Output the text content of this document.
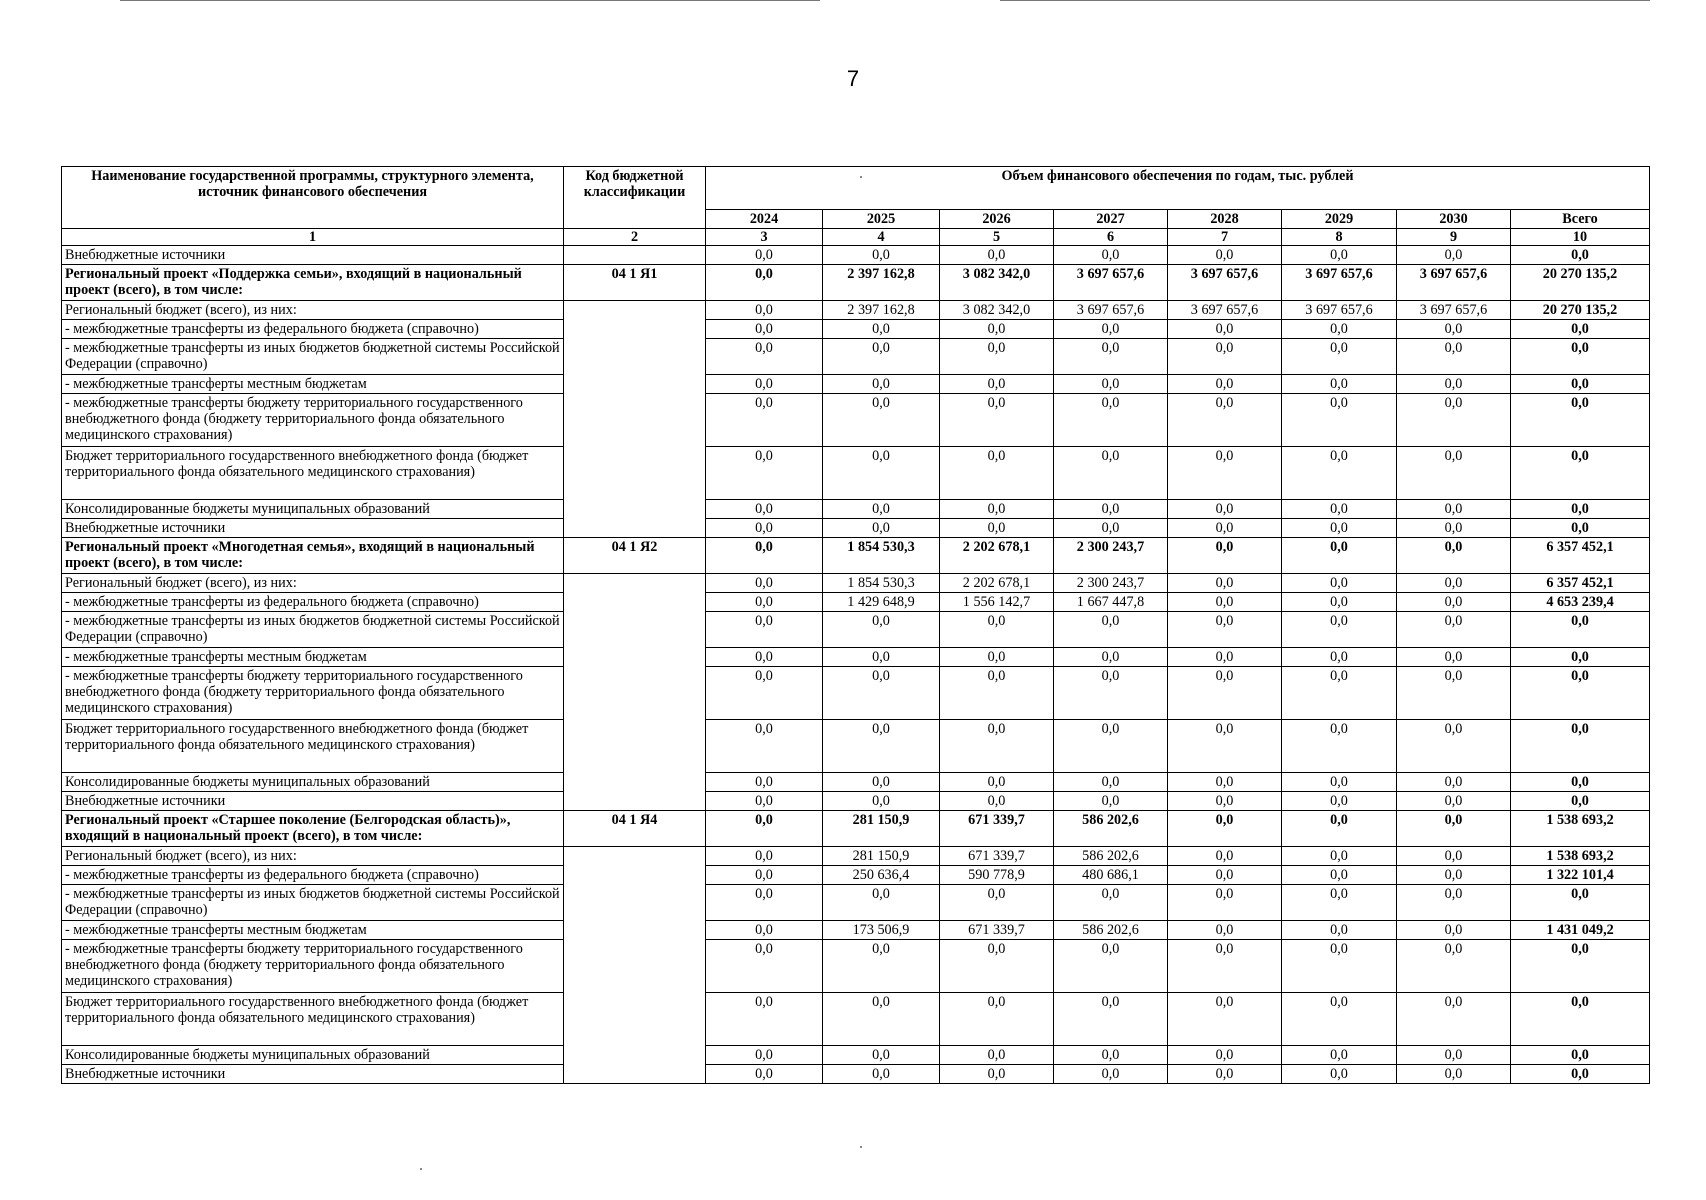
7
Наименование государственной программы, структурного элемента, источник финансового обеспечения	Код бюджетной классификации	Объем финансового обеспечения по годам, тыс. рублей							
		2024	2025	2026	2027	2028	2029	2030	Всего
1	2	3	4	5	6	7	8	9	10
Внебюджетные источники		0,0	0,0	0,0	0,0	0,0	0,0	0,0	0,0
Региональный проект «Поддержка семьи», входящий в национальный проект (всего), в том числе:	04 1 Я1	0,0	2 397 162,8	3 082 342,0	3 697 657,6	3 697 657,6	3 697 657,6	3 697 657,6	20 270 135,2
Региональный бюджет (всего), из них:		0,0	2 397 162,8	3 082 342,0	3 697 657,6	3 697 657,6	3 697 657,6	3 697 657,6	20 270 135,2
- межбюджетные трансферты из федерального бюджета (справочно)		0,0	0,0	0,0	0,0	0,0	0,0	0,0	0,0
- межбюджетные трансферты из иных бюджетов бюджетной системы Российской Федерации (справочно)		0,0	0,0	0,0	0,0	0,0	0,0	0,0	0,0
- межбюджетные трансферты местным бюджетам		0,0	0,0	0,0	0,0	0,0	0,0	0,0	0,0
- межбюджетные трансферты бюджету территориального государственного внебюджетного фонда (бюджету территориального фонда обязательного медицинского страхования)		0,0	0,0	0,0	0,0	0,0	0,0	0,0	0,0
Бюджет территориального государственного внебюджетного фонда (бюджет территориального фонда обязательного медицинского страхования)		0,0	0,0	0,0	0,0	0,0	0,0	0,0	0,0
Консолидированные бюджеты муниципальных образований		0,0	0,0	0,0	0,0	0,0	0,0	0,0	0,0
Внебюджетные источники		0,0	0,0	0,0	0,0	0,0	0,0	0,0	0,0
Региональный проект «Многодетная семья», входящий в национальный проект (всего), в том числе:	04 1 Я2	0,0	1 854 530,3	2 202 678,1	2 300 243,7	0,0	0,0	0,0	6 357 452,1
Региональный бюджет (всего), из них:		0,0	1 854 530,3	2 202 678,1	2 300 243,7	0,0	0,0	0,0	6 357 452,1
- межбюджетные трансферты из федерального бюджета (справочно)		0,0	1 429 648,9	1 556 142,7	1 667 447,8	0,0	0,0	0,0	4 653 239,4
- межбюджетные трансферты из иных бюджетов бюджетной системы Российской Федерации (справочно)		0,0	0,0	0,0	0,0	0,0	0,0	0,0	0,0
- межбюджетные трансферты местным бюджетам		0,0	0,0	0,0	0,0	0,0	0,0	0,0	0,0
- межбюджетные трансферты бюджету территориального государственного внебюджетного фонда (бюджету территориального фонда обязательного медицинского страхования)		0,0	0,0	0,0	0,0	0,0	0,0	0,0	0,0
Бюджет территориального государственного внебюджетного фонда (бюджет территориального фонда обязательного медицинского страхования)		0,0	0,0	0,0	0,0	0,0	0,0	0,0	0,0
Консолидированные бюджеты муниципальных образований		0,0	0,0	0,0	0,0	0,0	0,0	0,0	0,0
Внебюджетные источники		0,0	0,0	0,0	0,0	0,0	0,0	0,0	0,0
Региональный проект «Старшее поколение (Белгородская область)», входящий в национальный проект (всего), в том числе:	04 1 Я4	0,0	281 150,9	671 339,7	586 202,6	0,0	0,0	0,0	1 538 693,2
Региональный бюджет (всего), из них:		0,0	281 150,9	671 339,7	586 202,6	0,0	0,0	0,0	1 538 693,2
- межбюджетные трансферты из федерального бюджета (справочно)		0,0	250 636,4	590 778,9	480 686,1	0,0	0,0	0,0	1 322 101,4
- межбюджетные трансферты из иных бюджетов бюджетной системы Российской Федерации (справочно)		0,0	0,0	0,0	0,0	0,0	0,0	0,0	0,0
- межбюджетные трансферты местным бюджетам		0,0	173 506,9	671 339,7	586 202,6	0,0	0,0	0,0	1 431 049,2
- межбюджетные трансферты бюджету территориального государственного внебюджетного фонда (бюджету территориального фонда обязательного медицинского страхования)		0,0	0,0	0,0	0,0	0,0	0,0	0,0	0,0
Бюджет территориального государственного внебюджетного фонда (бюджет территориального фонда обязательного медицинского страхования)		0,0	0,0	0,0	0,0	0,0	0,0	0,0	0,0
Консолидированные бюджеты муниципальных образований		0,0	0,0	0,0	0,0	0,0	0,0	0,0	0,0
Внебюджетные источники		0,0	0,0	0,0	0,0	0,0	0,0	0,0	0,0
